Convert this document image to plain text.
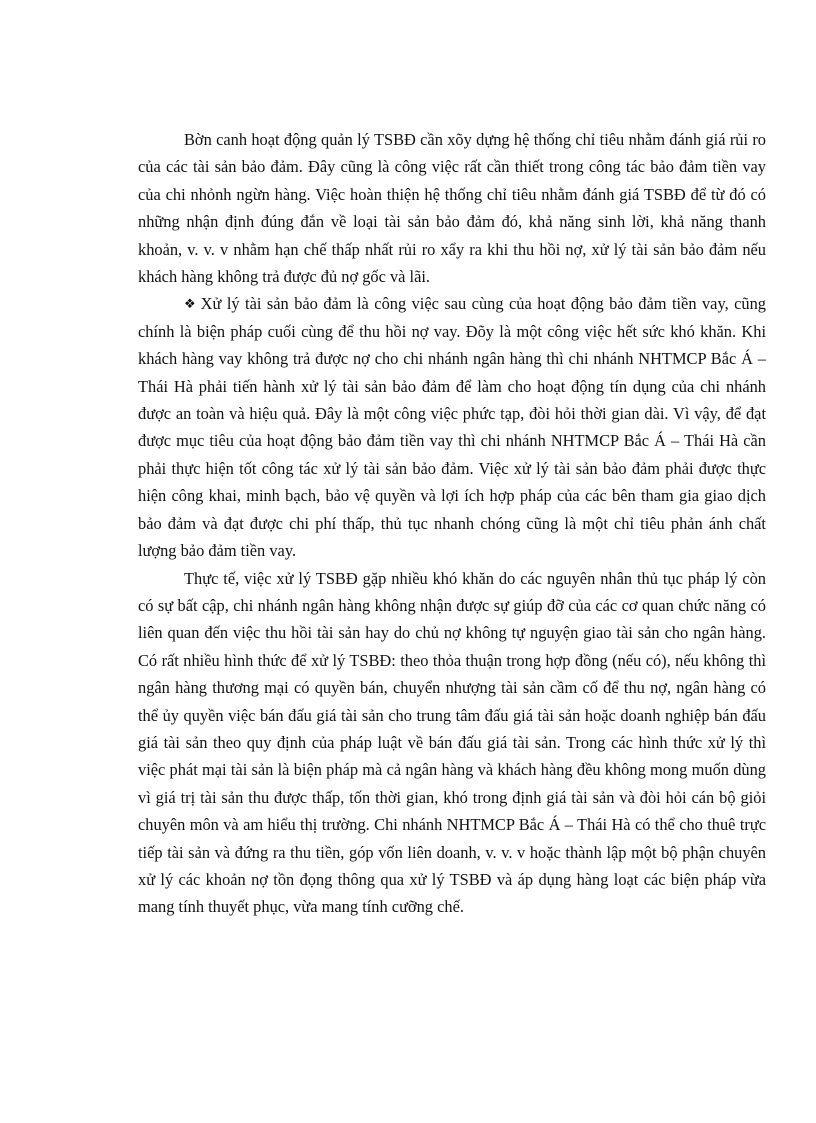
Bờn canh hoạt động quản lý TSBĐ cần xõy dựng hệ thống chỉ tiêu nhằm đánh giá rủi ro của các tài sản bảo đảm. Đây cũng là công việc rất cần thiết trong công tác bảo đảm tiền vay của chi nhỏnh ngừn hàng. Việc hoàn thiện hệ thống chỉ tiêu nhằm đánh giá TSBĐ để từ đó có những nhận định đúng đắn về loại tài sản bảo đảm đó, khả năng sinh lời, khả năng thanh khoản, v. v. v nhằm hạn chế thấp nhất rủi ro xẩy ra khi thu hồi nợ, xử lý tài sản bảo đảm nếu khách hàng không trả được đủ nợ gốc và lãi.

❖ Xử lý tài sản bảo đảm là công việc sau cùng của hoạt động bảo đảm tiền vay, cũng chính là biện pháp cuối cùng để thu hồi nợ vay. Đõy là một công việc hết sức khó khăn. Khi khách hàng vay không trả được nợ cho chi nhánh ngân hàng thì chi nhánh NHTMCP Bắc Á – Thái Hà phải tiến hành xử lý tài sản bảo đảm để làm cho hoạt động tín dụng của chi nhánh được an toàn và hiệu quả. Đây là một công việc phức tạp, đòi hỏi thời gian dài. Vì vậy, để đạt được mục tiêu của hoạt động bảo đảm tiền vay thì chi nhánh NHTMCP Bắc Á – Thái Hà cần phải thực hiện tốt công tác xử lý tài sản bảo đảm. Việc xử lý tài sản bảo đảm phải được thực hiện công khai, minh bạch, bảo vệ quyền và lợi ích hợp pháp của các bên tham gia giao dịch bảo đảm và đạt được chi phí thấp, thủ tục nhanh chóng cũng là một chỉ tiêu phản ánh chất lượng bảo đảm tiền vay.

Thực tế, việc xử lý TSBĐ gặp nhiều khó khăn do các nguyên nhân thủ tục pháp lý còn có sự bất cập, chi nhánh ngân hàng không nhận được sự giúp đỡ của các cơ quan chức năng có liên quan đến việc thu hồi tài sản hay do chủ nợ không tự nguyện giao tài sản cho ngân hàng. Có rất nhiều hình thức để xử lý TSBĐ: theo thỏa thuận trong hợp đồng (nếu có), nếu không thì ngân hàng thương mại có quyền bán, chuyển nhượng tài sản cầm cố để thu nợ, ngân hàng có thể ủy quyền việc bán đấu giá tài sản cho trung tâm đấu giá tài sản hoặc doanh nghiệp bán đấu giá tài sản theo quy định của pháp luật về bán đấu giá tài sản. Trong các hình thức xử lý thì việc phát mại tài sản là biện pháp mà cả ngân hàng và khách hàng đều không mong muốn dùng vì giá trị tài sản thu được thấp, tốn thời gian, khó trong định giá tài sản và đòi hỏi cán bộ giỏi chuyên môn và am hiểu thị trường. Chi nhánh NHTMCP Bắc Á – Thái Hà có thể cho thuê trực tiếp tài sản và đứng ra thu tiền, góp vốn liên doanh, v. v. v hoặc thành lập một bộ phận chuyên xử lý các khoản nợ tồn đọng thông qua xử lý TSBĐ và áp dụng hàng loạt các biện pháp vừa mang tính thuyết phục, vừa mang tính cưỡng chế.
